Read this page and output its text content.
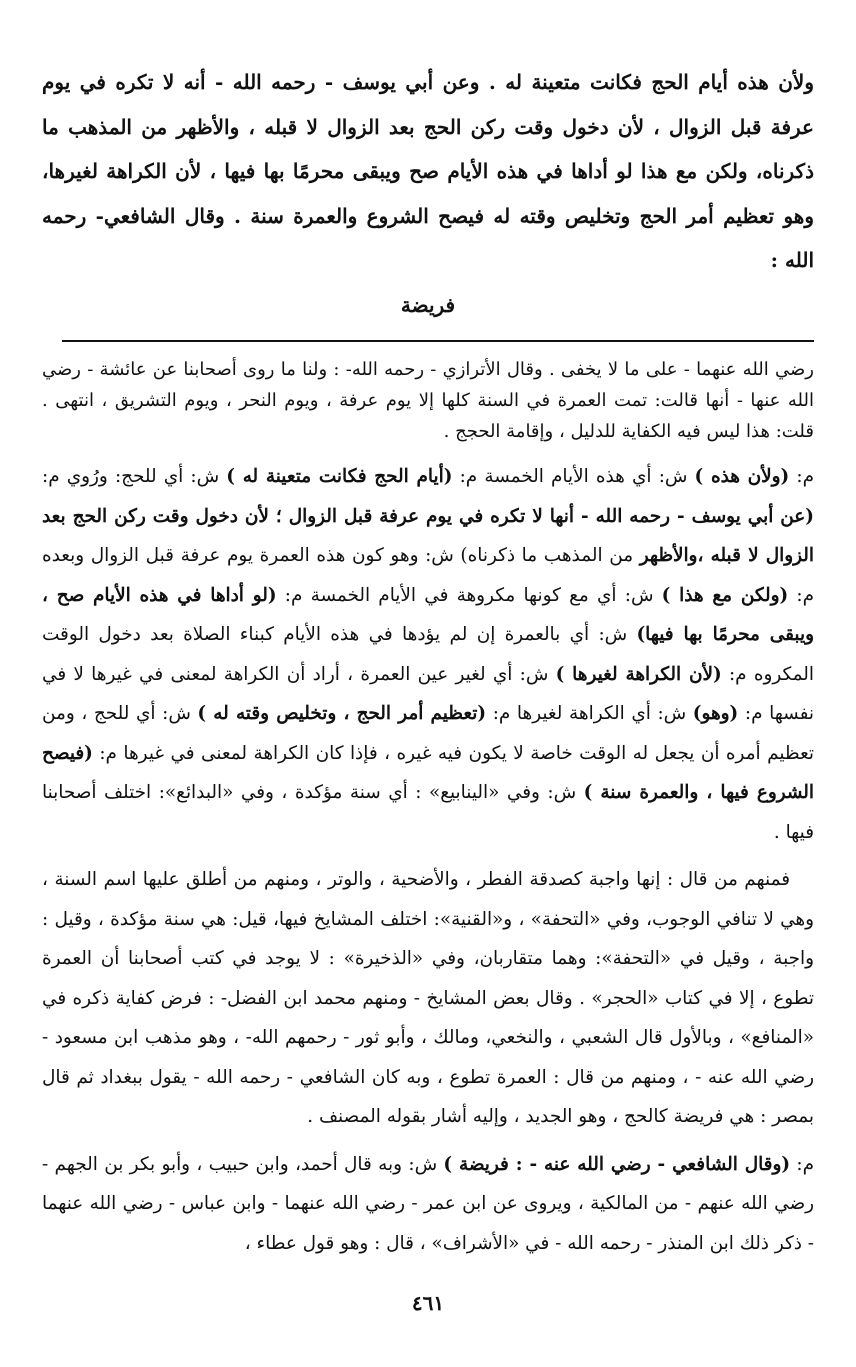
ولأن هذه أيام الحج فكانت متعينة له . وعن أبي يوسف - رحمه الله - أنه لا تكره في يوم عرفة قبل الزوال ، لأن دخول وقت ركن الحج بعد الزوال لا قبله ، والأظهر من المذهب ما ذكرناه، ولكن مع هذا لو أداها في هذه الأيام صح ويبقى محرمًا بها فيها ، لأن الكراهة لغيرها، وهو تعظيم أمر الحج وتخليص وقته له فيصح الشروع والعمرة سنة . وقال الشافعي- رحمه الله :
فريضة
رضي الله عنهما - على ما لا يخفى . وقال الأترازي - رحمه الله- : ولنا ما روى أصحابنا عن عائشة - رضي الله عنها - أنها قالت: تمت العمرة في السنة كلها إلا يوم عرفة ، ويوم النحر ، ويوم التشريق ، انتهى . قلت: هذا ليس فيه الكفاية للدليل ، وإقامة الحجج .

م: (ولأن هذه ) ش: أي هذه الأيام الخمسة م: (أيام الحج فكانت متعينة له ) ش: أي للحج: ورُوي م: (عن أبي يوسف - رحمه الله - أنها لا تكره في يوم عرفة قبل الزوال ؛ لأن دخول وقت ركن الحج بعد الزوال لا قبله ،والأظهر من المذهب ما ذكرناه) ش: وهو كون هذه العمرة يوم عرفة قبل الزوال وبعده م: (ولكن مع هذا ) ش: أي مع كونها مكروهة في الأيام الخمسة م: (لو أداها في هذه الأيام صح ، ويبقى محرمًا بها فيها) ش: أي بالعمرة إن لم يؤدها في هذه الأيام كبناء الصلاة بعد دخول الوقت المكروه م: (لأن الكراهة لغيرها ) ش: أي لغير عين العمرة ، أراد أن الكراهة لمعنى في غيرها لا في نفسها م: (وهو) ش: أي الكراهة لغيرها م: (تعظيم أمر الحج ، وتخليص وقته له ) ش: أي للحج ، ومن تعظيم أمره أن يجعل له الوقت خاصة لا يكون فيه غيره ، فإذا كان الكراهة لمعنى في غيرها م: (فيصح الشروع فيها ، والعمرة سنة ) ش: وفي «الينابيع» : أي سنة مؤكدة ، وفي «البدائع»: اختلف أصحابنا فيها .

فمنهم من قال : إنها واجبة كصدقة الفطر ، والأضحية ، والوتر ، ومنهم من أطلق عليها اسم السنة ، وهي لا تنافي الوجوب، وفي «التحفة» ، و«القنية»: اختلف المشايخ فيها، قيل: هي سنة مؤكدة ، وقيل : واجبة ، وقيل في «التحفة»: وهما متقاربان، وفي «الذخيرة» : لا يوجد في كتب أصحابنا أن العمرة تطوع ، إلا في كتاب «الحجر» . وقال بعض المشايخ - ومنهم محمد ابن الفضل- : فرض كفاية ذكره في «المنافع» ، وبالأول قال الشعبي ، والنخعي، ومالك ، وأبو ثور - رحمهم الله- ، وهو مذهب ابن مسعود - رضي الله عنه - ، ومنهم من قال : العمرة تطوع ، وبه كان الشافعي - رحمه الله - يقول ببغداد ثم قال بمصر : هي فريضة كالحج ، وهو الجديد ، وإليه أشار بقوله المصنف .

م: (وقال الشافعي - رضي الله عنه - : فريضة ) ش: وبه قال أحمد، وابن حبيب ، وأبو بكر بن الجهم - رضي الله عنهم - من المالكية ، ويروى عن ابن عمر - رضي الله عنهما - وابن عباس - رضي الله عنهما - ذكر ذلك ابن المنذر - رحمه الله - في «الأشراف» ، قال : وهو قول عطاء ،

٤٦١
